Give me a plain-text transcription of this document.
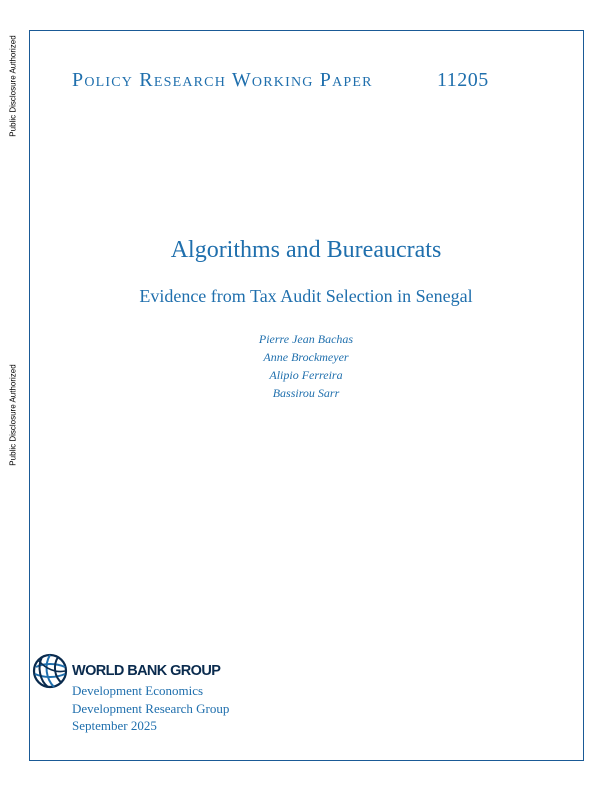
Public Disclosure Authorized
Public Disclosure Authorized
Policy Research Working Paper	11205
Algorithms and Bureaucrats
Evidence from Tax Audit Selection in Senegal
Pierre Jean Bachas
Anne Brockmeyer
Alipio Ferreira
Bassirou Sarr
WORLD BANK GROUP
Development Economics
Development Research Group
September 2025
